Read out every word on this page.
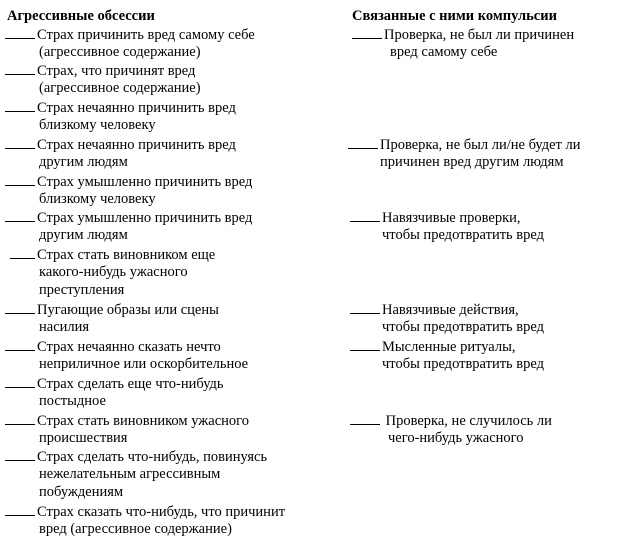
Агрессивные обсессии	Связанные с ними компульсии
Страх причинить вред самому себе
(агрессивное содержание)
Страх, что причинят вред
(агрессивное содержание)
Страх нечаянно причинить вред
близкому человеку
Страх нечаянно причинить вред
другим людям
Страх умышленно причинить вред
близкому человеку
Страх умышленно причинить вред
другим людям
Страх стать виновником еще
какого-нибудь ужасного
преступления
Пугающие образы или сцены
насилия
Страх нечаянно сказать нечто
неприличное или оскорбительное
Страх сделать еще что-нибудь
постыдное
Страх стать виновником ужасного
происшествия
Страх сделать что-нибудь, повинуясь
нежелательным агрессивным
побуждениям
Страх сказать что-нибудь, что причинит
вред (агрессивное содержание)
Проверка, не был ли причинен
вред самому себе
Проверка, не был ли/не будет ли
причинен вред другим людям
Навязчивые проверки,
чтобы предотвратить вред
Навязчивые действия,
чтобы предотвратить вред
Мысленные ритуалы,
чтобы предотвратить вред
Проверка, не случилось ли
чего-нибудь ужасного
